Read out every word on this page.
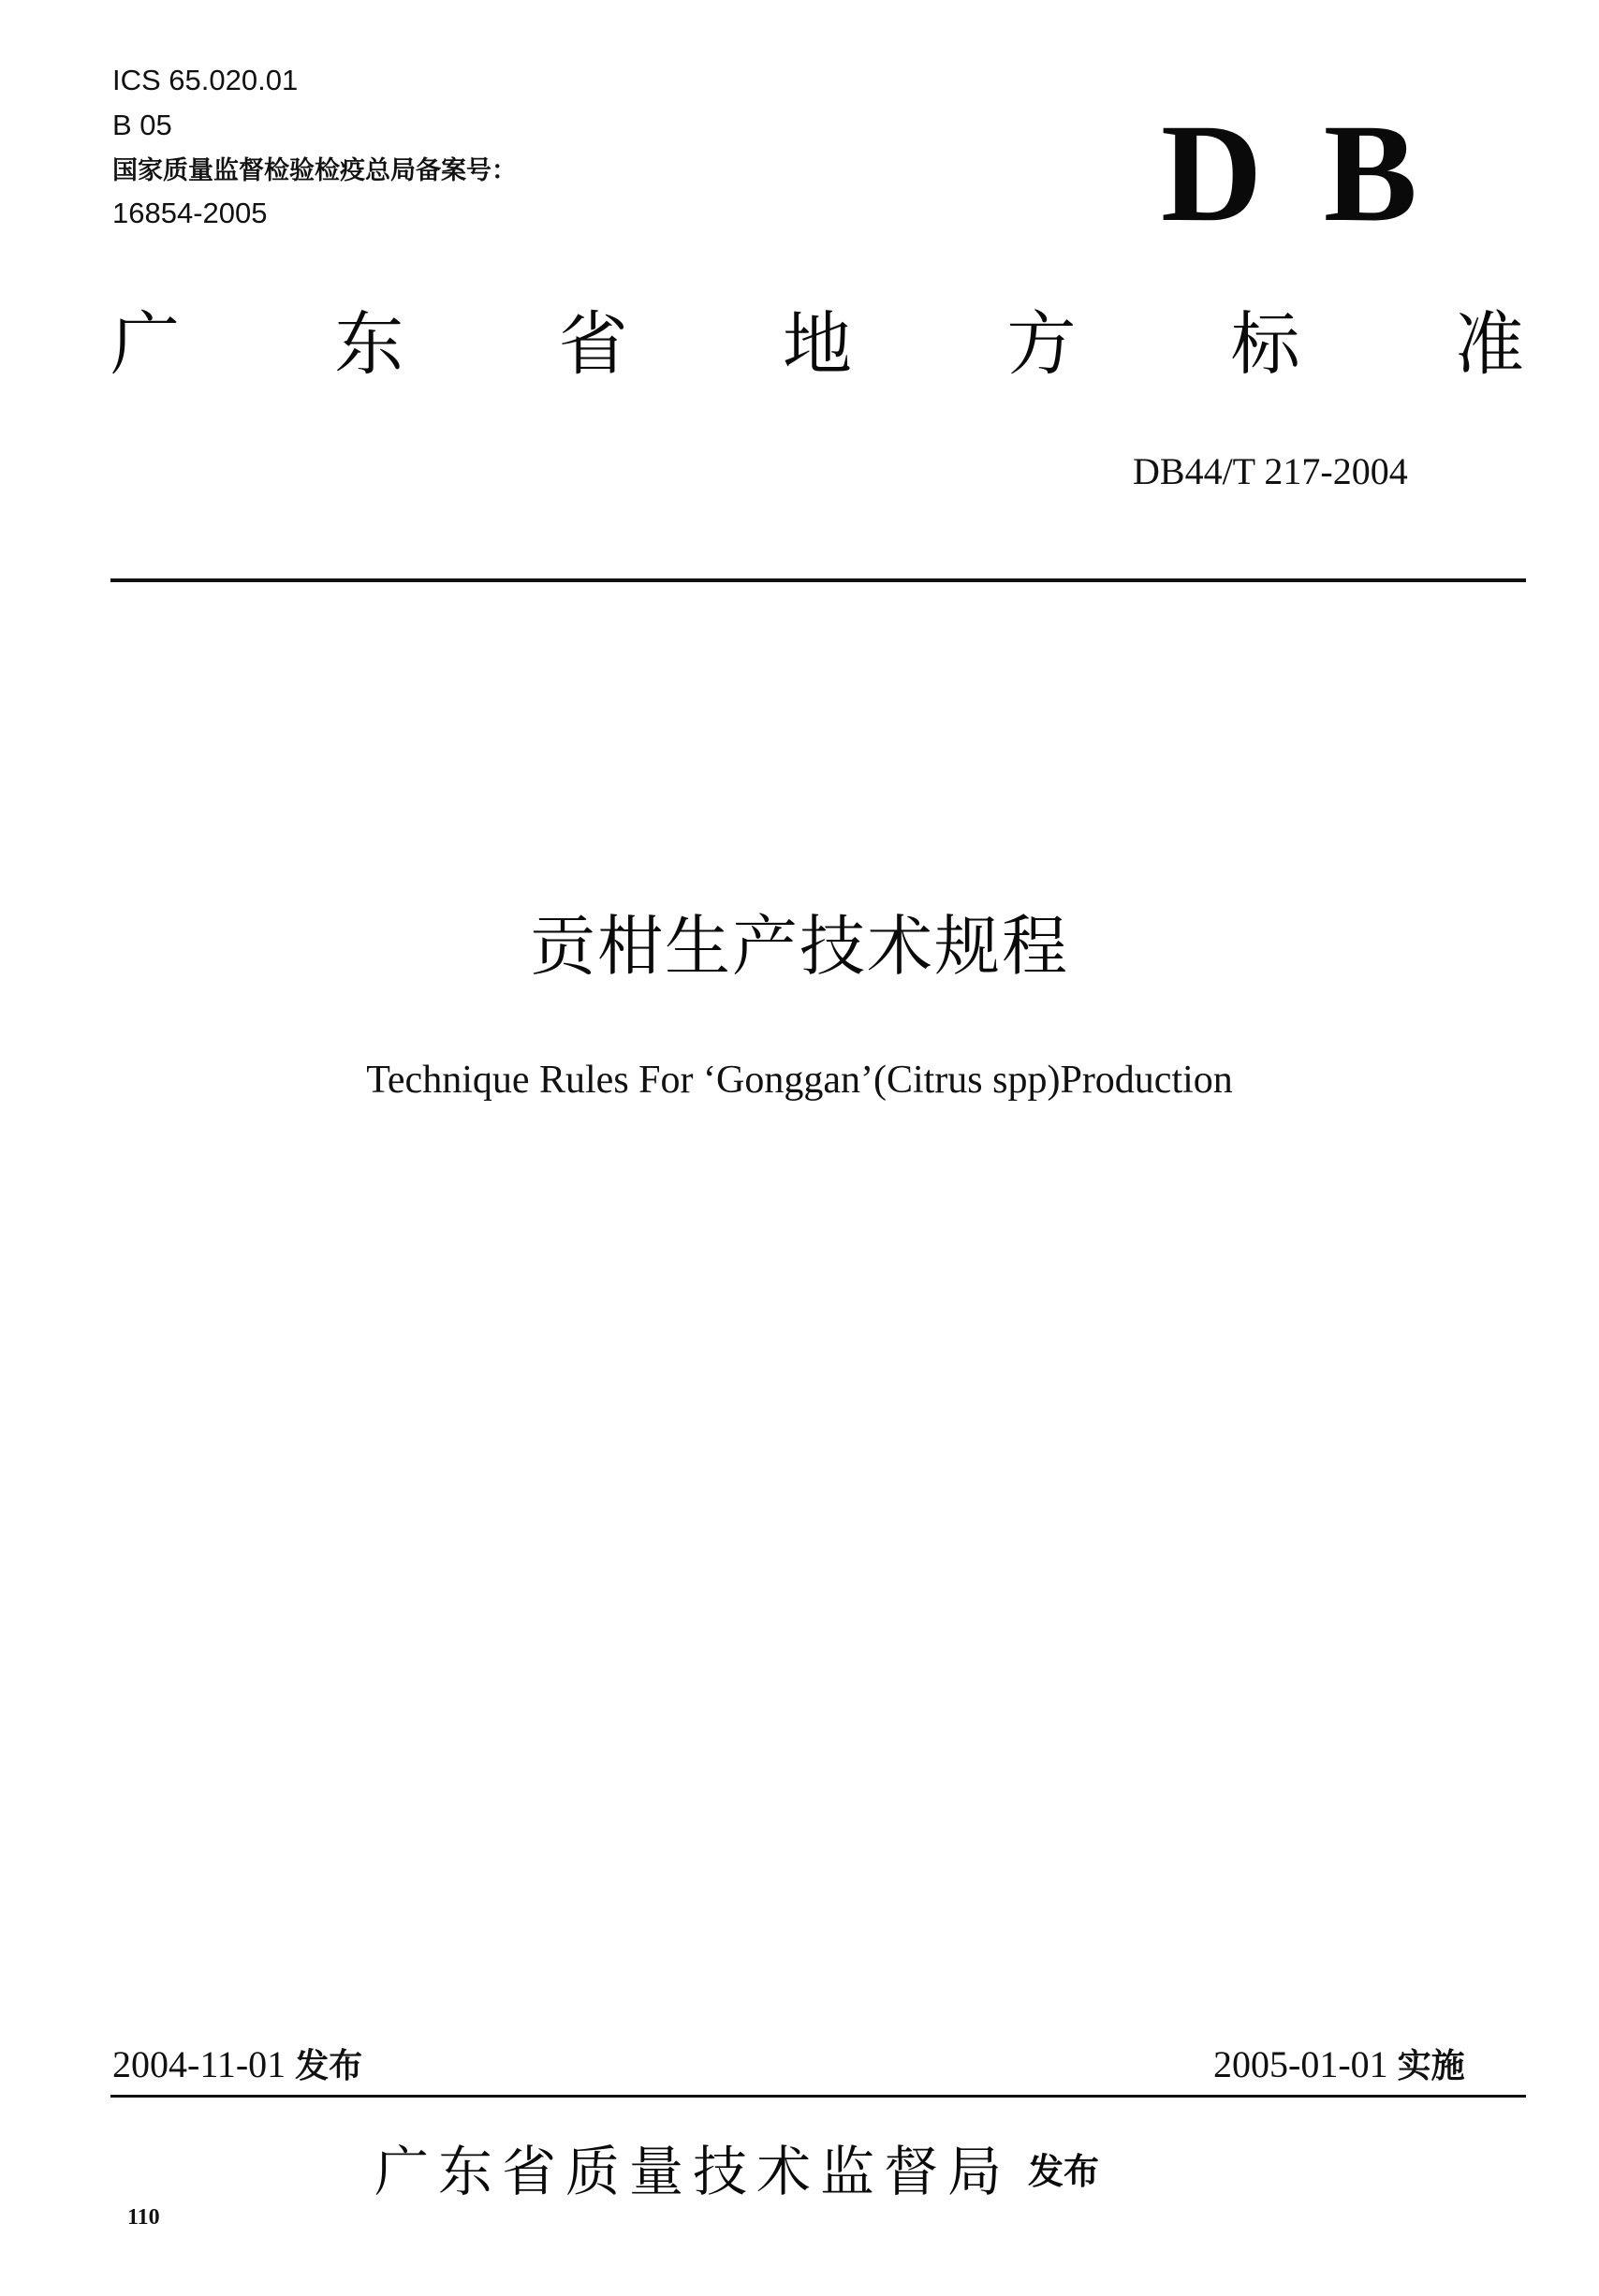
ICS 65.020.01
B 05
国家质量监督检验检疫总局备案号：
16854-2005	D B
广 东 省 地 方 标 准
DB44/T 217-2004
贡柑生产技术规程
Technique Rules For ‘Gonggan’(Citrus spp)Production
2004-11-01 发布	2005-01-01 实施
广东省质量技术监督局 发布
110
